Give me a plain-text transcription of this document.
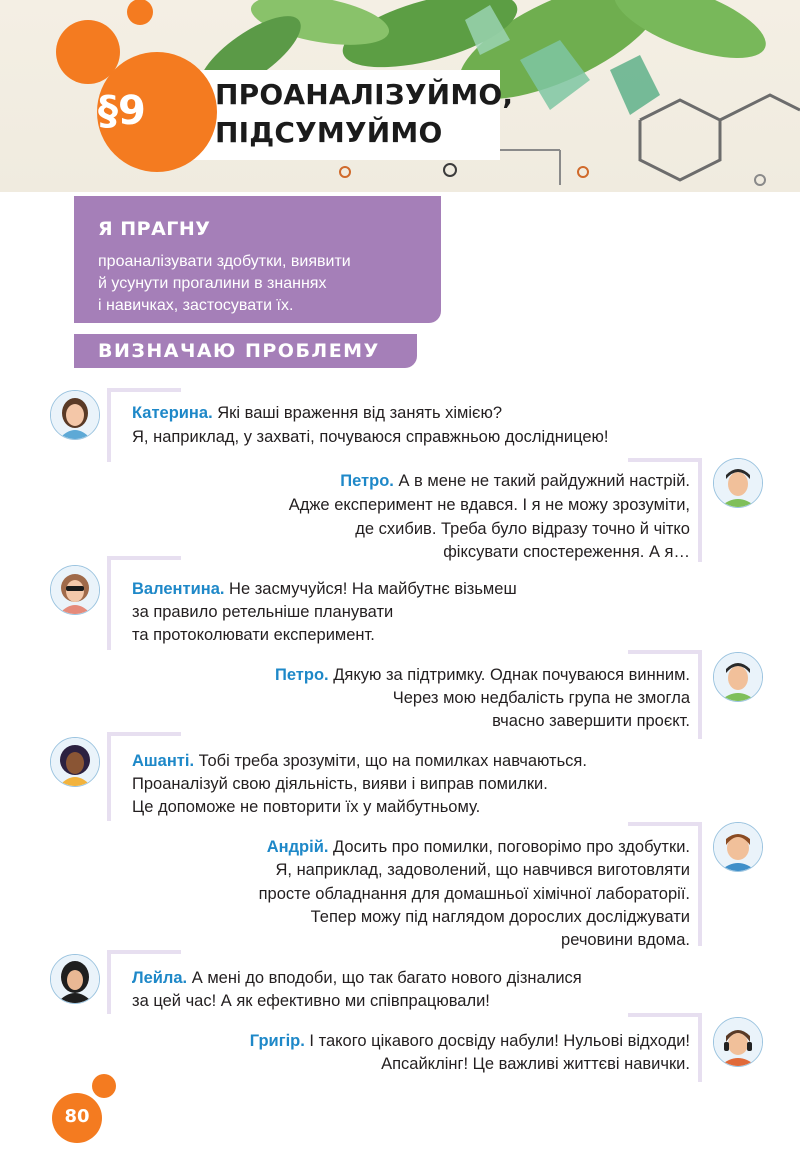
ПРОАНАЛІЗУЙМО,
ПІДСУМУЙМО
§9
Я ПРАГНУ
проаналізувати здобутки, виявити
й усунути прогалини в знаннях
і навичках, застосувати їх.
ВИЗНАЧАЮ ПРОБЛЕМУ
Катерина. Які ваші враження від занять хімією?
Я, наприклад, у захваті, почуваюся справжньою дослідницею!
Петро. А в мене не такий райдужний настрій.
Адже експеримент не вдався. І я не можу зрозуміти,
де схибив. Треба було відразу точно й чітко
фіксувати спостереження. А я…
Валентина. Не засмучуйся! На майбутнє візьмеш
за правило ретельніше планувати
та протоколювати експеримент.
Петро. Дякую за підтримку. Однак почуваюся винним.
Через мою недбалість група не змогла
вчасно завершити проєкт.
Ашанті. Тобі треба зрозуміти, що на помилках навчаються.
Проаналізуй свою діяльність, вияви і виправ помилки.
Це допоможе не повторити їх у майбутньому.
Андрій. Досить про помилки, поговорімо про здобутки.
Я, наприклад, задоволений, що навчився виготовляти
просте обладнання для домашньої хімічної лабораторії.
Тепер можу під наглядом дорослих досліджувати
речовини вдома.
Лейла. А мені до вподоби, що так багато нового дізналися
за цей час! А як ефективно ми співпрацювали!
Григір. І такого цікавого досвіду набули! Нульові відходи!
Апсайклінг! Це важливі життєві навички.
80
